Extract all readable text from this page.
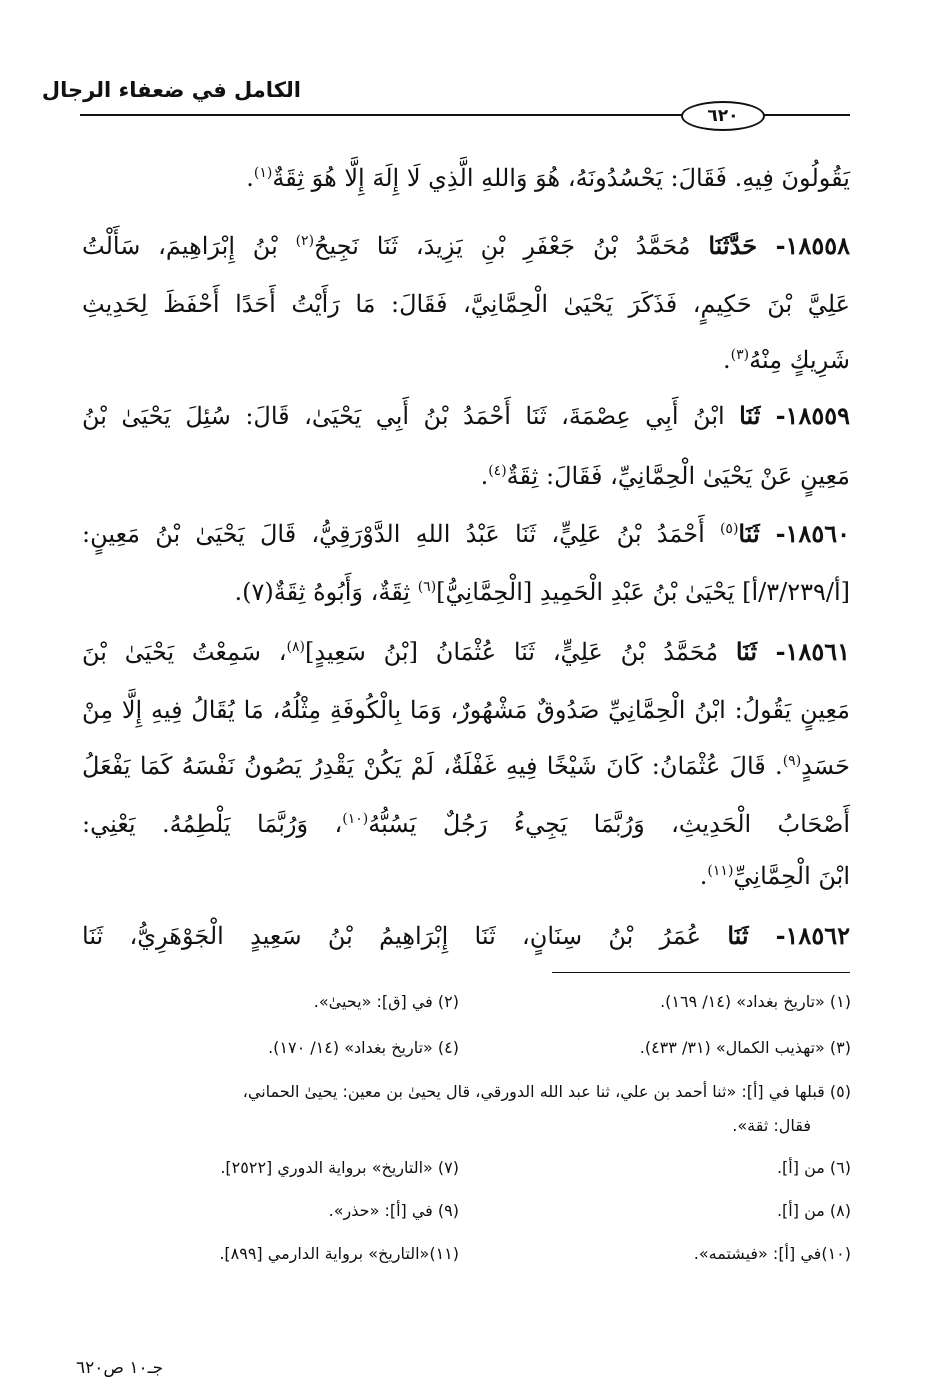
الكامل في ضعفاء الرجال
٦٢٠
يَقُولُونَ فِيهِ. فَقَالَ: يَحْسُدُونَهُ، هُوَ وَاللهِ الَّذِي لَا إِلَهَ إِلَّا هُوَ ثِقَةٌ$^{(١)}$.
١٨٥٥٨- حَدَّثَنَا مُحَمَّدُ بْنُ جَعْفَرِ بْنِ يَزِيدَ، ثَنَا نَجِيحُ$^{(٢)}$ بْنُ إِبْرَاهِيمَ، سَأَلْتُ
عَلِيَّ بْنَ حَكِيمٍ، فَذَكَرَ يَحْيَىٰ الْحِمَّانِيَّ، فَقَالَ: مَا رَأَيْتُ أَحَدًا أَحْفَظَ لِحَدِيثِ
شَرِيكٍ مِنْهُ$^{(٣)}$.
١٨٥٥٩- ثَنَا ابْنُ أَبِي عِصْمَةَ، ثَنَا أَحْمَدُ بْنُ أَبِي يَحْيَىٰ، قَالَ: سُئِلَ يَحْيَىٰ بْنُ
مَعِينٍ عَنْ يَحْيَىٰ الْحِمَّانِيِّ، فَقَالَ: ثِقَةٌ$^{(٤)}$.
١٨٥٦٠- ثَنَا$^{(٥)}$ أَحْمَدُ بْنُ عَلِيٍّ، ثَنَا عَبْدُ اللهِ الدَّوْرَقِيُّ، قَالَ يَحْيَىٰ بْنُ مَعِينٍ:
[أ/٣/٢٣٩/أ] يَحْيَىٰ بْنُ عَبْدِ الْحَمِيدِ [الْحِمَّانِيُّ]$^{(٦)}$ ثِقَةٌ، وَأَبُوهُ ثِقَةٌ(٧).
١٨٥٦١- ثَنَا مُحَمَّدُ بْنُ عَلِيٍّ، ثَنَا عُثْمَانُ [بْنُ سَعِيدٍ]$^{(٨)}$، سَمِعْتُ يَحْيَىٰ بْنَ
مَعِينٍ يَقُولُ: ابْنُ الْحِمَّانِيِّ صَدُوقٌ مَشْهُورٌ، وَمَا بِالْكُوفَةِ مِثْلُهُ، مَا يُقَالُ فِيهِ إِلَّا مِنْ
حَسَدٍ$^{(٩)}$. قَالَ عُثْمَانُ: كَانَ شَيْخًا فِيهِ غَفْلَةٌ، لَمْ يَكُنْ يَقْدِرُ يَصُونُ نَفْسَهُ كَمَا يَفْعَلُ
أَصْحَابُ الْحَدِيثِ، وَرُبَّمَا يَجِيءُ رَجُلٌ يَسُبُّهُ$^{(١٠)}$، وَرُبَّمَا يَلْطِمُهُ. يَعْنِي:
ابْنَ الْحِمَّانِيِّ$^{(١١)}$.
١٨٥٦٢- ثَنَا عُمَرُ بْنُ سِنَانٍ، ثَنَا إِبْرَاهِيمُ بْنُ سَعِيدٍ الْجَوْهَرِيُّ، ثَنَا
(١) «تاريخ بغداد» (١٤/ ١٦٩).
(٢) في [ق]: «يحيىٰ».
(٣) «تهذيب الكمال» (٣١/ ٤٣٣).
(٤) «تاريخ بغداد» (١٤/ ١٧٠).
(٥) قبلها في [أ]: «ثنا أحمد بن علي، ثنا عبد الله الدورقي، قال يحيىٰ بن معين: يحيىٰ الحماني،
فقال: ثقة».
(٦) من [أ].
(٧) «التاريخ» برواية الدوري [٢٥٢٢].
(٨) من [أ].
(٩) في [أ]: «حذر».
(١٠)في [أ]: «فيشتمه».
(١١)«التاريخ» برواية الدارمي [٨٩٩].
جـ١٠ ص٦٢٠
